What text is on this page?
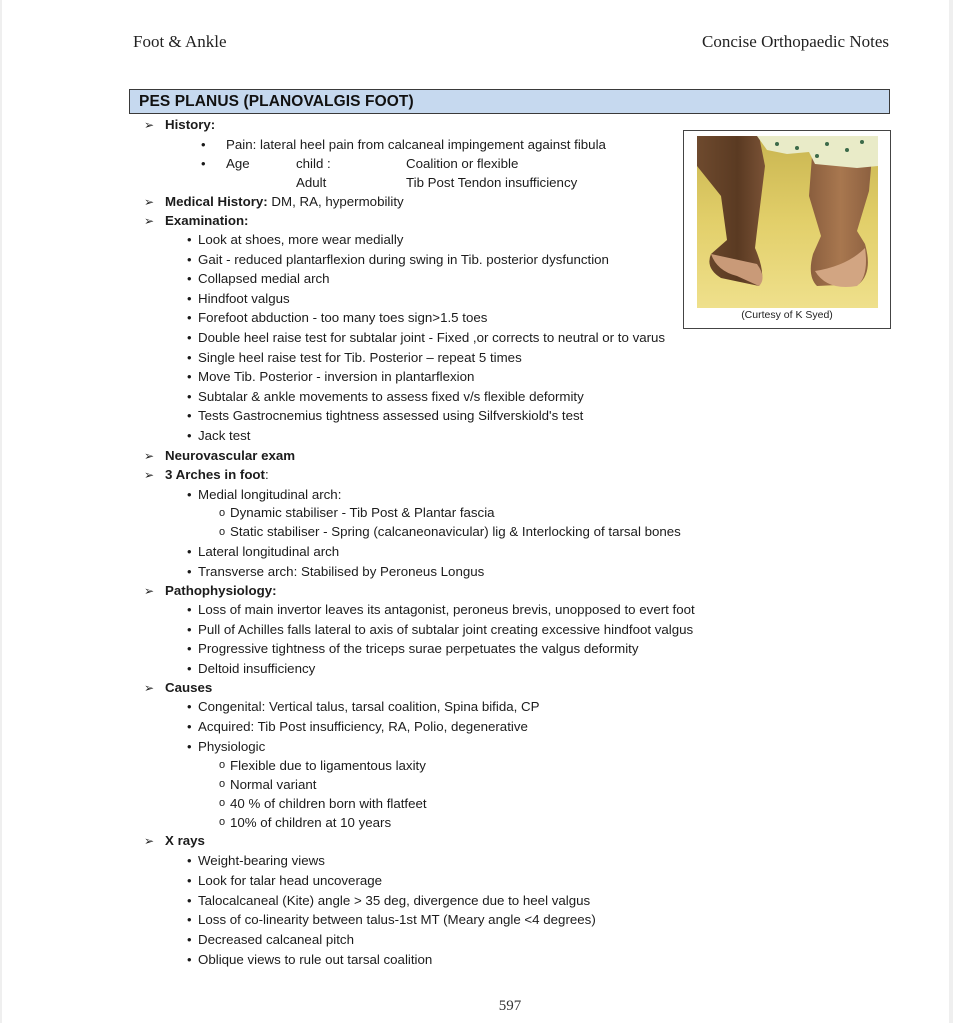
Foot & Ankle	Concise Orthopaedic Notes
PES PLANUS (PLANOVALGIS FOOT)
(Curtesy of K Syed)
➢ History:
• Pain: lateral heel pain from calcaneal impingement against fibula
• Age	child :	Coalition or flexible
Adult	Tib Post Tendon insufficiency
➢ Medical History: DM, RA, hypermobility
➢ Examination:
• Look at shoes, more wear medially
• Gait - reduced plantarflexion during swing in Tib. posterior dysfunction
• Collapsed medial arch
• Hindfoot valgus
• Forefoot abduction - too many toes sign>1.5 toes
• Double heel raise test for subtalar joint - Fixed ,or corrects to neutral or to varus
• Single heel raise test for Tib. Posterior – repeat 5 times
• Move Tib. Posterior - inversion in plantarflexion
• Subtalar & ankle movements to assess fixed v/s flexible deformity
• Tests Gastrocnemius tightness assessed using Silfverskiold's test
• Jack test
➢ Neurovascular exam
➢ 3 Arches in foot:
• Medial longitudinal arch:
o Dynamic stabiliser - Tib Post & Plantar fascia
o Static stabiliser - Spring (calcaneonavicular) lig & Interlocking of tarsal bones
• Lateral longitudinal arch
• Transverse arch: Stabilised by Peroneus Longus
➢ Pathophysiology:
• Loss of main invertor leaves its antagonist, peroneus brevis, unopposed to evert foot
• Pull of Achilles falls lateral to axis of subtalar joint creating excessive hindfoot valgus
• Progressive tightness of the triceps surae perpetuates the valgus deformity
• Deltoid insufficiency
➢ Causes
• Congenital: Vertical talus, tarsal coalition, Spina bifida, CP
• Acquired: Tib Post insufficiency, RA, Polio, degenerative
• Physiologic
o Flexible due to ligamentous laxity
o Normal variant
o 40 % of children born with flatfeet
o 10% of children at 10 years
➢ X rays
• Weight-bearing views
• Look for talar head uncoverage
• Talocalcaneal (Kite) angle > 35 deg, divergence due to heel valgus
• Loss of co-linearity between talus-1st MT (Meary angle <4 degrees)
• Decreased calcaneal pitch
• Oblique views to rule out tarsal coalition
597
